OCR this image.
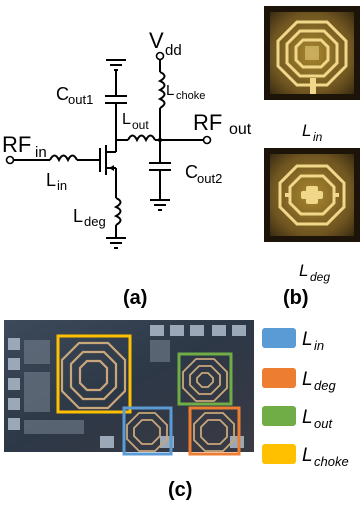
V dd
L choke
C out1
L out RF out
C out2
RF in
L in
L deg
(a)
L in
L deg
(b)
L in
L deg
L out
L choke
(c)
